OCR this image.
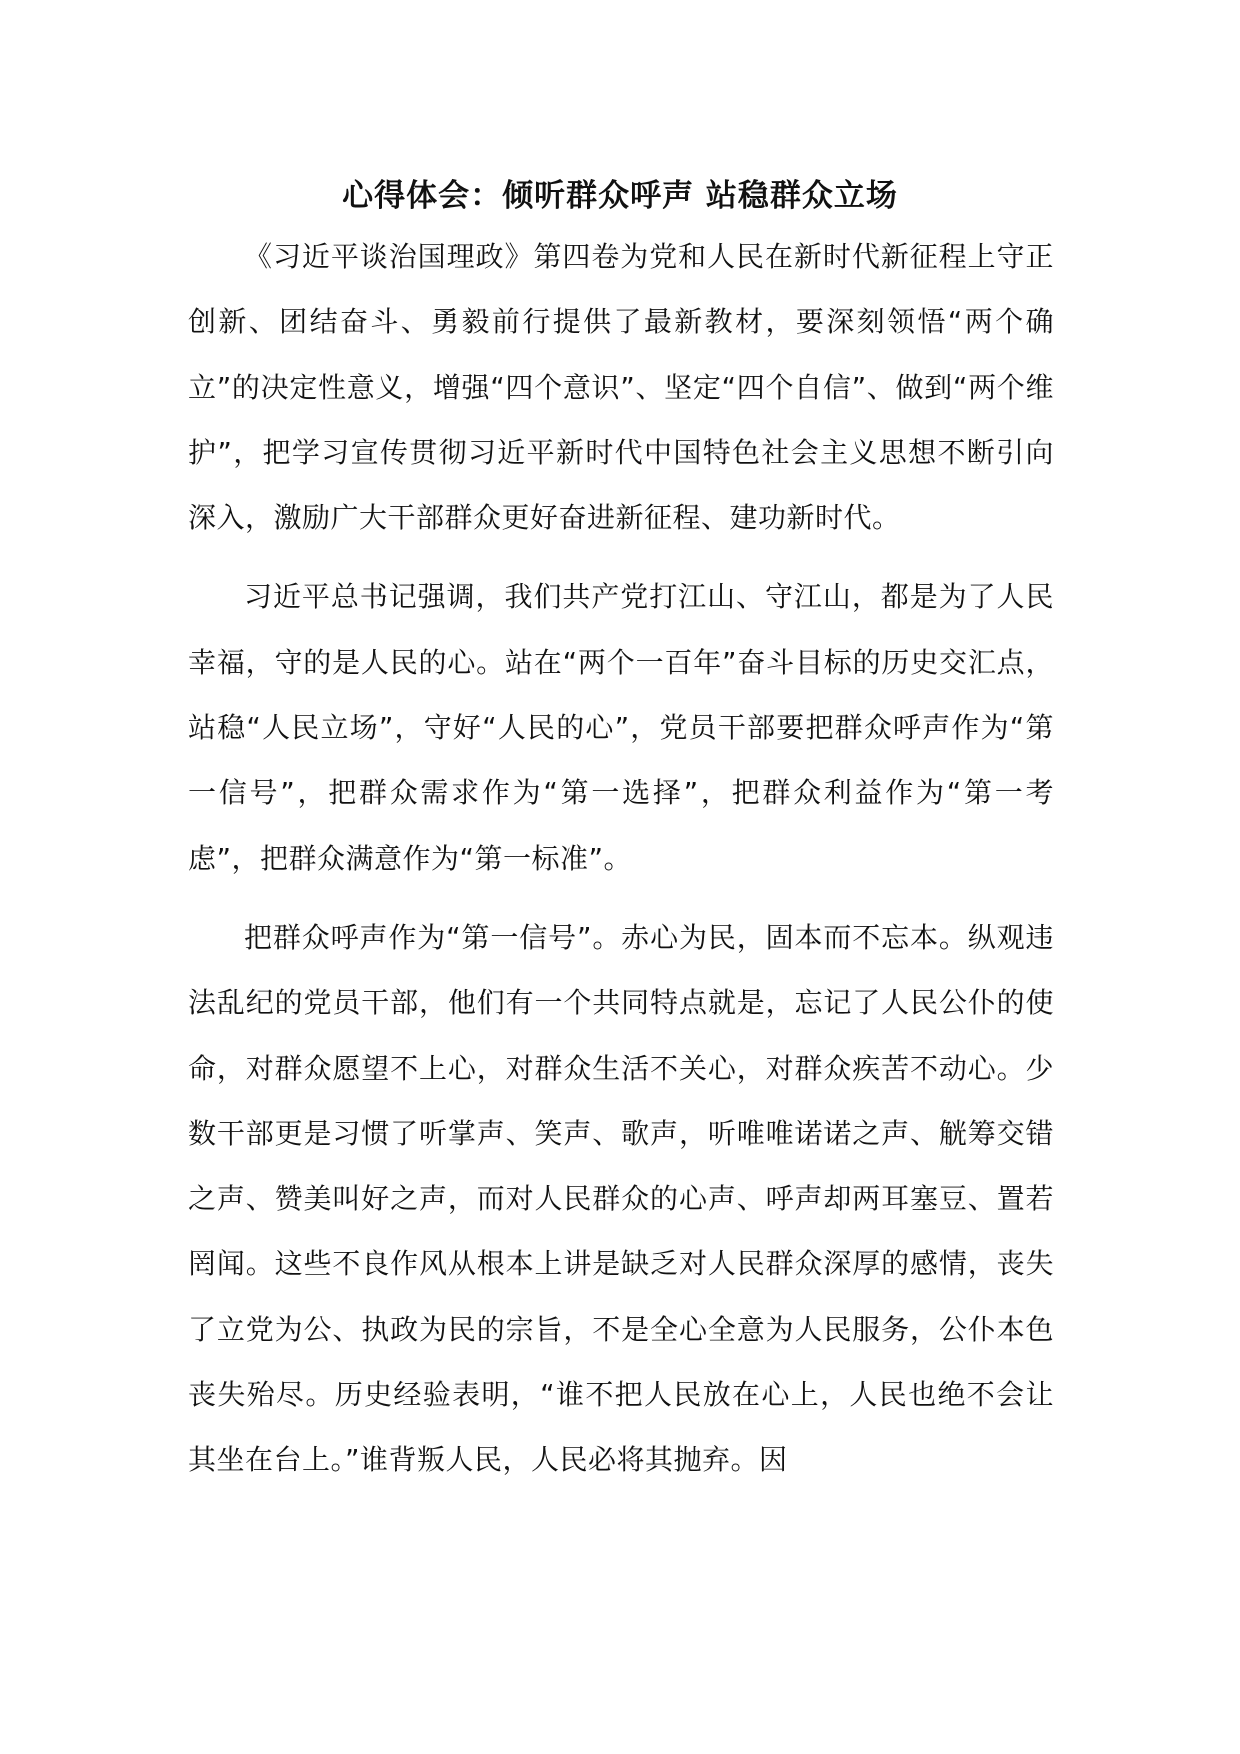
心得体会：倾听群众呼声 站稳群众立场

《习近平谈治国理政》第四卷为党和人民在新时代新征程上守正创新、团结奋斗、勇毅前行提供了最新教材，要深刻领悟“两个确立”的决定性意义，增强“四个意识”、坚定“四个自信”、做到“两个维护”，把学习宣传贯彻习近平新时代中国特色社会主义思想不断引向深入，激励广大干部群众更好奋进新征程、建功新时代。

习近平总书记强调，我们共产党打江山、守江山，都是为了人民幸福，守的是人民的心。站在“两个一百年”奋斗目标的历史交汇点，站稳“人民立场”，守好“人民的心”，党员干部要把群众呼声作为“第一信号”，把群众需求作为“第一选择”，把群众利益作为“第一考虑”，把群众满意作为“第一标准”。

把群众呼声作为“第一信号”。赤心为民，固本而不忘本。纵观违法乱纪的党员干部，他们有一个共同特点就是，忘记了人民公仆的使命，对群众愿望不上心，对群众生活不关心，对群众疾苦不动心。少数干部更是习惯了听掌声、笑声、歌声，听唯唯诺诺之声、觥筹交错之声、赞美叫好之声，而对人民群众的心声、呼声却两耳塞豆、置若罔闻。这些不良作风从根本上讲是缺乏对人民群众深厚的感情，丧失了立党为公、执政为民的宗旨，不是全心全意为人民服务，公仆本色丧失殆尽。历史经验表明，“谁不把人民放在心上，人民也绝不会让其坐在台上。”谁背叛人民，人民必将其抛弃。因
